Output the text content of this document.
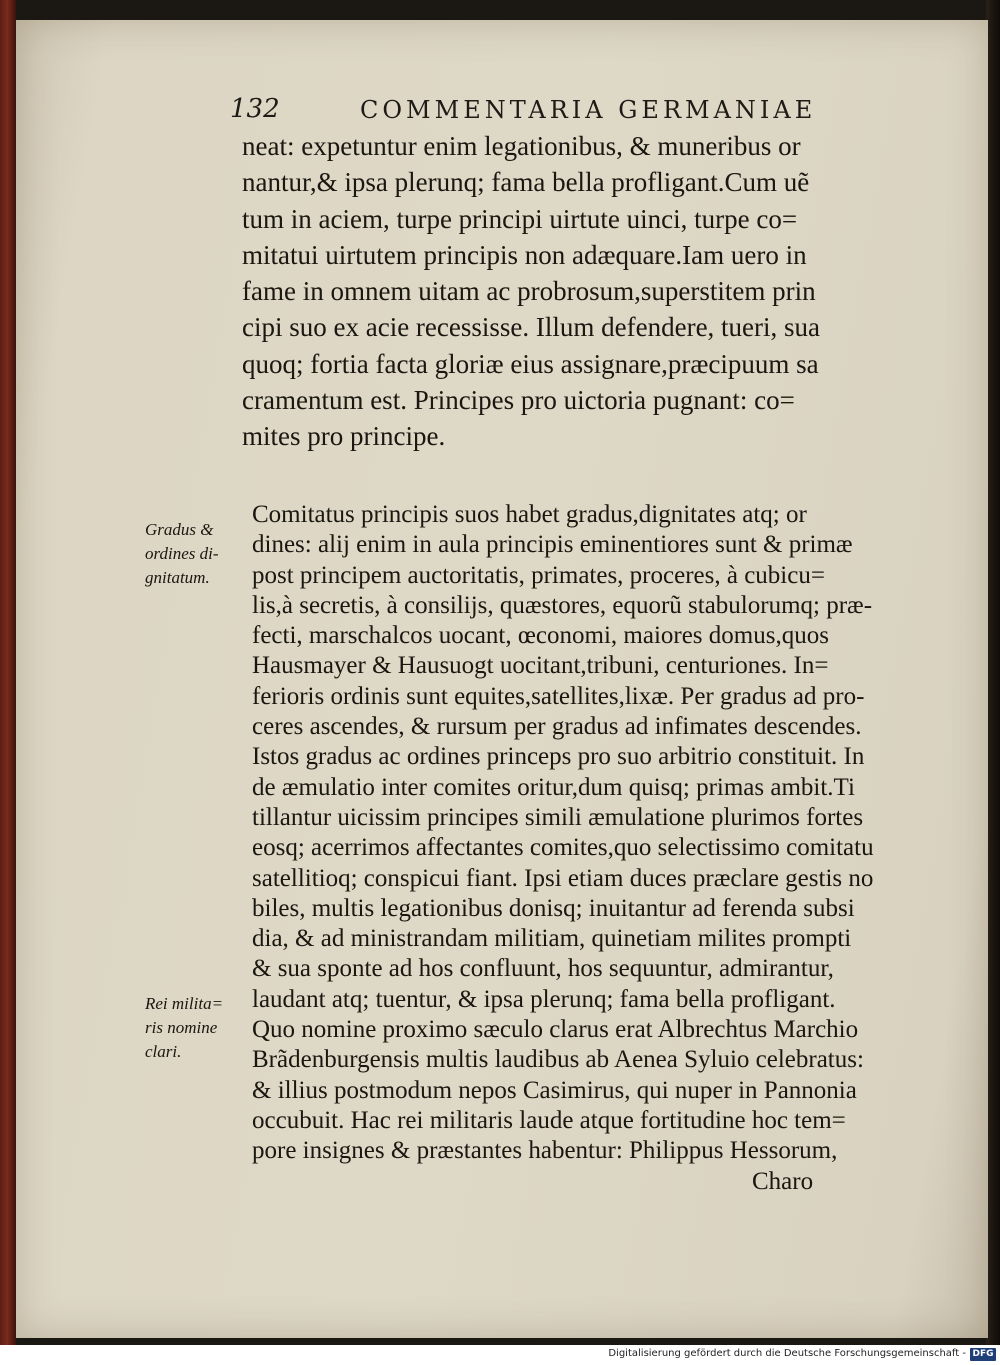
132	COMMENTARIA GERMANIAE
neat: expetuntur enim legationibus, & muneribus or
nantur,& ipsa plerunq; fama bella profligant.Cum uẽ
tum in aciem, turpe principi uirtute uinci, turpe co=
mitatui uirtutem principis non adæquare.Iam uero in
fame in omnem uitam ac probrosum,superstitem prin
cipi suo ex acie recessisse. Illum defendere, tueri, sua
quoq; fortia facta gloriæ eius assignare,præcipuum sa
cramentum est. Principes pro uictoria pugnant: co=
mites pro principe.
Gradus &
ordines di-
gnitatum.
Comitatus principis suos habet gradus,dignitates atq; or
dines: alij enim in aula principis eminentiores sunt & primæ
post principem auctoritatis, primates, proceres, à cubicu=
lis,à secretis, à consilijs, quæstores, equorũ stabulorumq; præ-
fecti, marschalcos uocant, œconomi, maiores domus,quos
Hausmayer & Hausuogt uocitant,tribuni, centuriones. In=
ferioris ordinis sunt equites,satellites,lixæ. Per gradus ad pro-
ceres ascendes, & rursum per gradus ad infimates descendes.
Istos gradus ac ordines princeps pro suo arbitrio constituit. In
de æmulatio inter comites oritur,dum quisq; primas ambit.Ti
tillantur uicissim principes simili æmulatione plurimos fortes
eosq; acerrimos affectantes comites,quo selectissimo comitatu
satellitioq; conspicui fiant. Ipsi etiam duces præclare gestis no
biles, multis legationibus donisq; inuitantur ad ferenda subsi
dia, & ad ministrandam militiam, quinetiam milites prompti
& sua sponte ad hos confluunt, hos sequuntur, admirantur,
laudant atq; tuentur, & ipsa plerunq; fama bella profligant.
Quo nomine proximo sæculo clarus erat Albrechtus Marchio
Brãdenburgensis multis laudibus ab Aenea Syluio celebratus:
& illius postmodum nepos Casimirus, qui nuper in Pannonia
occubuit. Hac rei militaris laude atque fortitudine hoc tem=
pore insignes & præstantes habentur: Philippus Hessorum,
Charo
Rei milita=
ris nomine
clari.
Digitalisierung gefördert durch die Deutsche Forschungsgemeinschaft - DFG
